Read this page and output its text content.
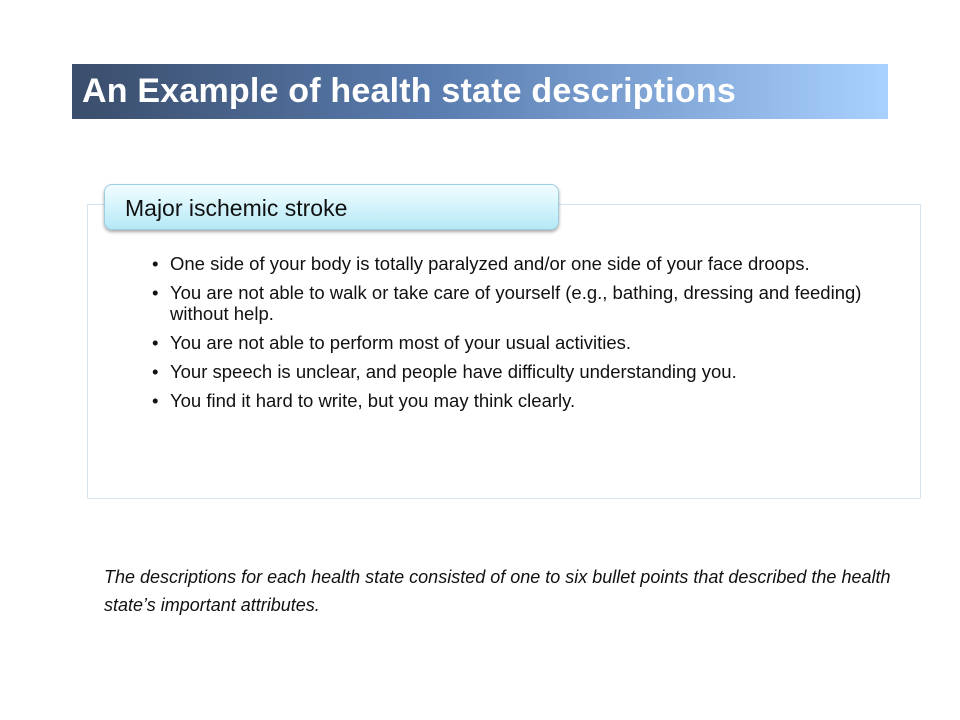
An Example of health state descriptions
Major ischemic stroke
• One side of your body is totally paralyzed and/or one side of your face droops.
• You are not able to walk or take care of yourself (e.g., bathing, dressing and feeding) without help.
• You are not able to perform most of your usual activities.
• Your speech is unclear, and people have difficulty understanding you.
• You find it hard to write, but you may think clearly.
The descriptions for each health state consisted of one to six bullet points that described the health state’s important attributes.
